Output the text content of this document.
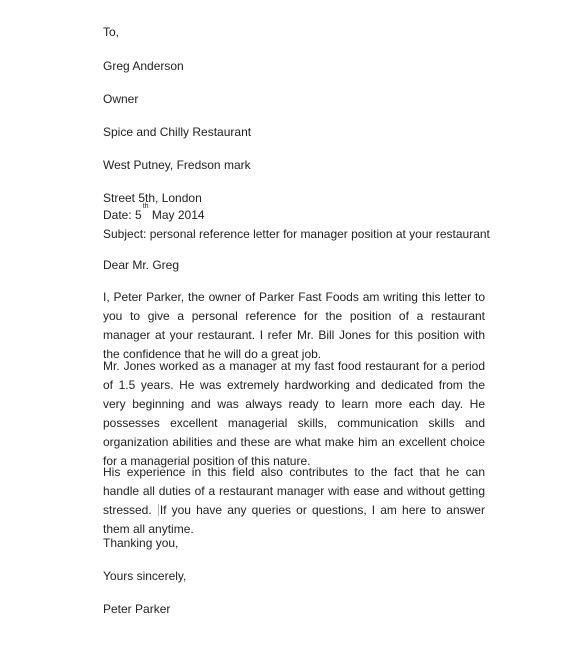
To,

Greg Anderson

Owner

Spice and Chilly Restaurant

West Putney, Fredson mark

Street 5th, London

Date: 5th May 2014

Subject: personal reference letter for manager position at your restaurant

Dear Mr. Greg

I, Peter Parker, the owner of Parker Fast Foods am writing this letter to you to give a personal reference for the position of a restaurant manager at your restaurant. I refer Mr. Bill Jones for this position with the confidence that he will do a great job.

Mr. Jones worked as a manager at my fast food restaurant for a period of 1.5 years. He was extremely hardworking and dedicated from the very beginning and was always ready to learn more each day. He possesses excellent managerial skills, communication skills and organization abilities and these are what make him an excellent choice for a managerial position of this nature.

His experience in this field also contributes to the fact that he can handle all duties of a restaurant manager with ease and without getting stressed. If you have any queries or questions, I am here to answer them all anytime.

Thanking you,

Yours sincerely,

Peter Parker
